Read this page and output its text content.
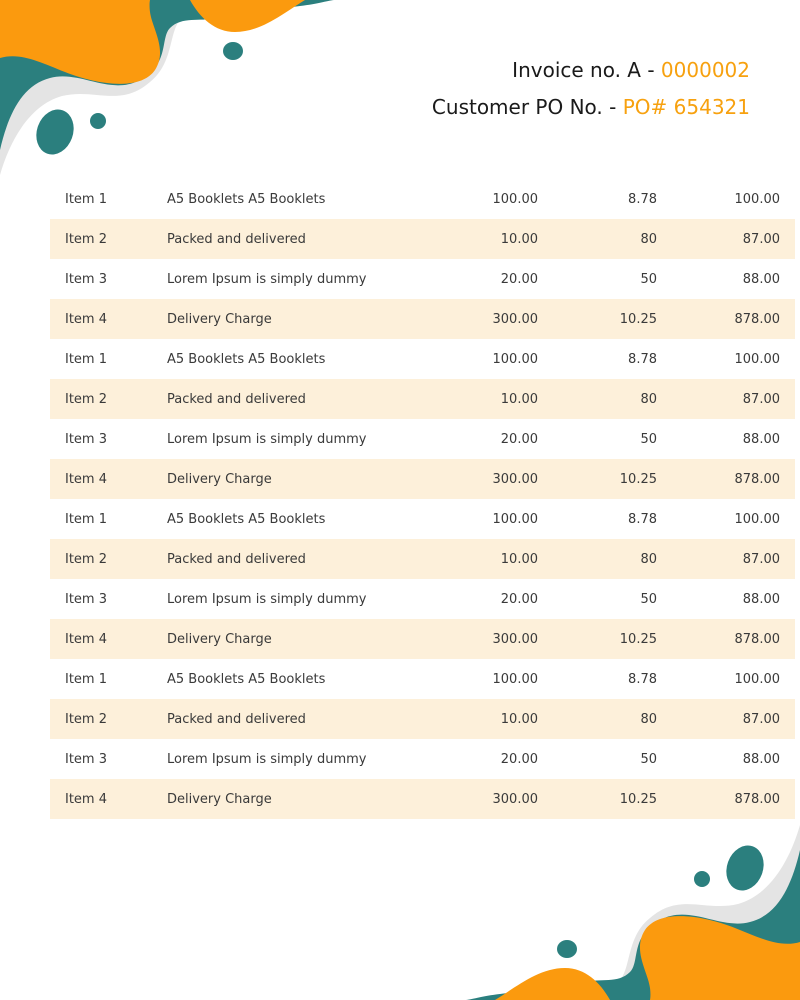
Invoice no. A - 0000002
Customer PO No. - PO# 654321
Item 1	A5 Booklets A5 Booklets	100.00	8.78	100.00
Item 2	Packed and delivered	10.00	80	87.00
Item 3	Lorem Ipsum is simply dummy	20.00	50	88.00
Item 4	Delivery Charge	300.00	10.25	878.00
Item 1	A5 Booklets A5 Booklets	100.00	8.78	100.00
Item 2	Packed and delivered	10.00	80	87.00
Item 3	Lorem Ipsum is simply dummy	20.00	50	88.00
Item 4	Delivery Charge	300.00	10.25	878.00
Item 1	A5 Booklets A5 Booklets	100.00	8.78	100.00
Item 2	Packed and delivered	10.00	80	87.00
Item 3	Lorem Ipsum is simply dummy	20.00	50	88.00
Item 4	Delivery Charge	300.00	10.25	878.00
Item 1	A5 Booklets A5 Booklets	100.00	8.78	100.00
Item 2	Packed and delivered	10.00	80	87.00
Item 3	Lorem Ipsum is simply dummy	20.00	50	88.00
Item 4	Delivery Charge	300.00	10.25	878.00
